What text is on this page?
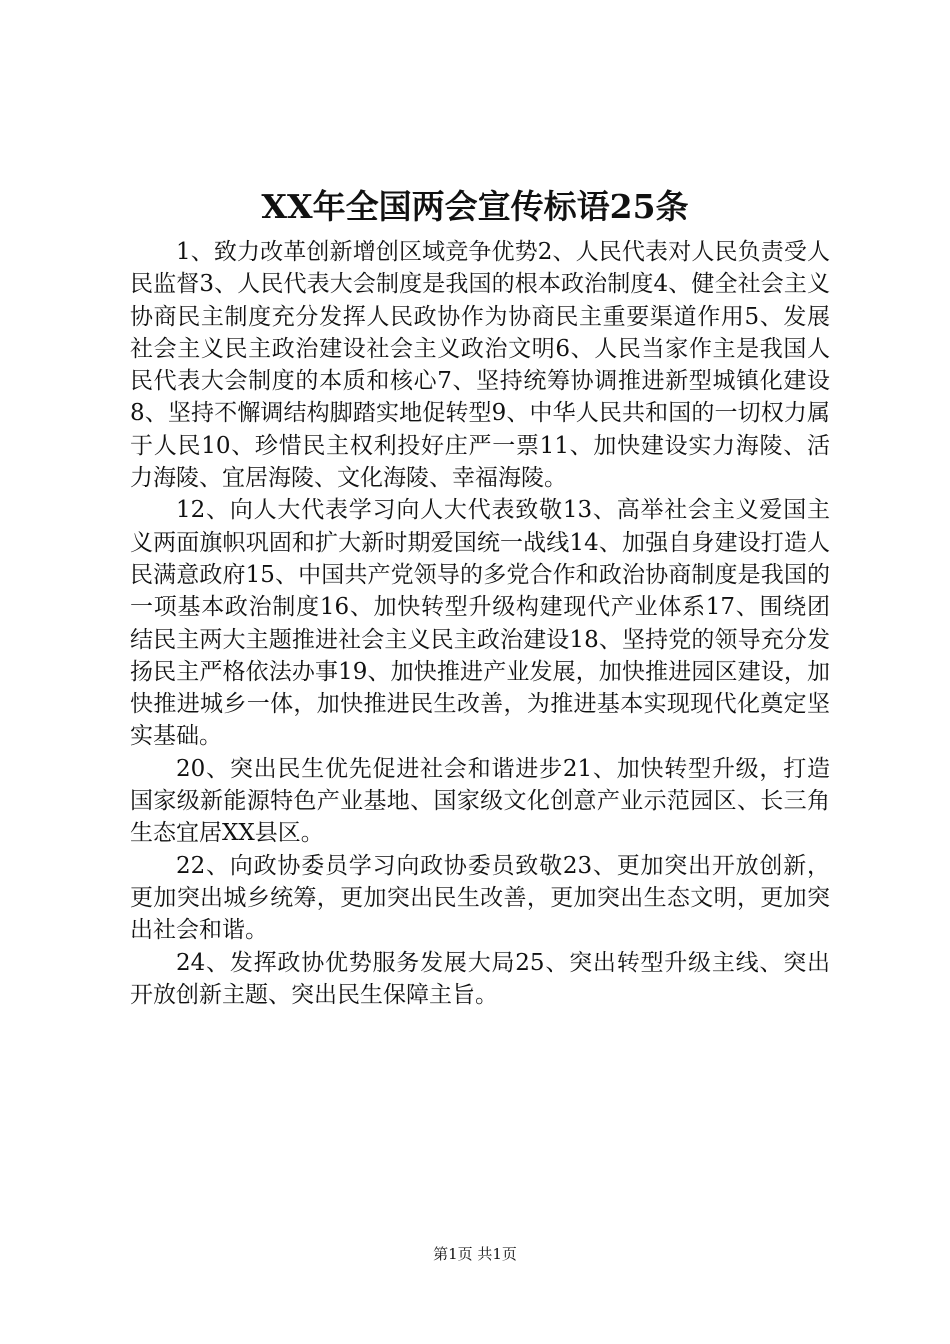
XX年全国两会宣传标语25条

1、致力改革创新增创区域竞争优势2、人民代表对人民负责受人民监督3、人民代表大会制度是我国的根本政治制度4、健全社会主义协商民主制度充分发挥人民政协作为协商民主重要渠道作用5、发展社会主义民主政治建设社会主义政治文明6、人民当家作主是我国人民代表大会制度的本质和核心7、坚持统筹协调推进新型城镇化建设8、坚持不懈调结构脚踏实地促转型9、中华人民共和国的一切权力属于人民10、珍惜民主权利投好庄严一票11、加快建设实力海陵、活力海陵、宜居海陵、文化海陵、幸福海陵。

12、向人大代表学习向人大代表致敬13、高举社会主义爱国主义两面旗帜巩固和扩大新时期爱国统一战线14、加强自身建设打造人民满意政府15、中国共产党领导的多党合作和政治协商制度是我国的一项基本政治制度16、加快转型升级构建现代产业体系17、围绕团结民主两大主题推进社会主义民主政治建设18、坚持党的领导充分发扬民主严格依法办事19、加快推进产业发展，加快推进园区建设，加快推进城乡一体，加快推进民生改善，为推进基本实现现代化奠定坚实基础。

20、突出民生优先促进社会和谐进步21、加快转型升级，打造国家级新能源特色产业基地、国家级文化创意产业示范园区、长三角生态宜居XX县区。

22、向政协委员学习向政协委员致敬23、更加突出开放创新，更加突出城乡统筹，更加突出民生改善，更加突出生态文明，更加突出社会和谐。

24、发挥政协优势服务发展大局25、突出转型升级主线、突出开放创新主题、突出民生保障主旨。

第1页 共1页
